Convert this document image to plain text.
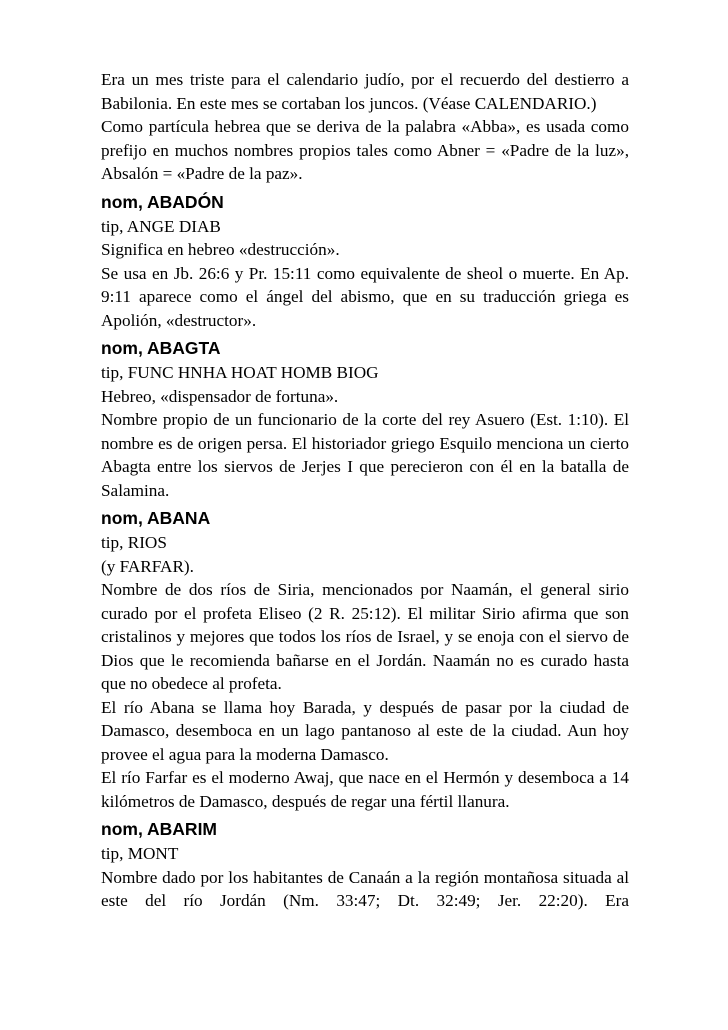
Era un mes triste para el calendario judío, por el recuerdo del destierro a Babilonia. En este mes se cortaban los juncos. (Véase CALENDARIO.)

Como partícula hebrea que se deriva de la palabra «Abba», es usada como prefijo en muchos nombres propios tales como Abner = «Padre de la luz», Absalón = «Padre de la paz».

nom, ABADÓN

tip, ANGE DIAB

Significa en hebreo «destrucción».

Se usa en Jb. 26:6 y Pr. 15:11 como equivalente de sheol o muerte. En Ap. 9:11 aparece como el ángel del abismo, que en su traducción griega es Apolión, «destructor».

nom, ABAGTA

tip, FUNC HNHA HOAT HOMB BIOG

Hebreo, «dispensador de fortuna».

Nombre propio de un funcionario de la corte del rey Asuero (Est. 1:10). El nombre es de origen persa. El historiador griego Esquilo menciona un cierto Abagta entre los siervos de Jerjes I que perecieron con él en la batalla de Salamina.

nom, ABANA

tip, RIOS

(y FARFAR).

Nombre de dos ríos de Siria, mencionados por Naamán, el general sirio curado por el profeta Eliseo (2 R. 25:12). El militar Sirio afirma que son cristalinos y mejores que todos los ríos de Israel, y se enoja con el siervo de Dios que le recomienda bañarse en el Jordán. Naamán no es curado hasta que no obedece al profeta.

El río Abana se llama hoy Barada, y después de pasar por la ciudad de Damasco, desemboca en un lago pantanoso al este de la ciudad. Aun hoy provee el agua para la moderna Damasco.

El río Farfar es el moderno Awaj, que nace en el Hermón y desemboca a 14 kilómetros de Damasco, después de regar una fértil llanura.

nom, ABARIM

tip, MONT

Nombre dado por los habitantes de Canaán a la región montañosa situada al este del río Jordán (Nm. 33:47; Dt. 32:49; Jer. 22:20). Era
